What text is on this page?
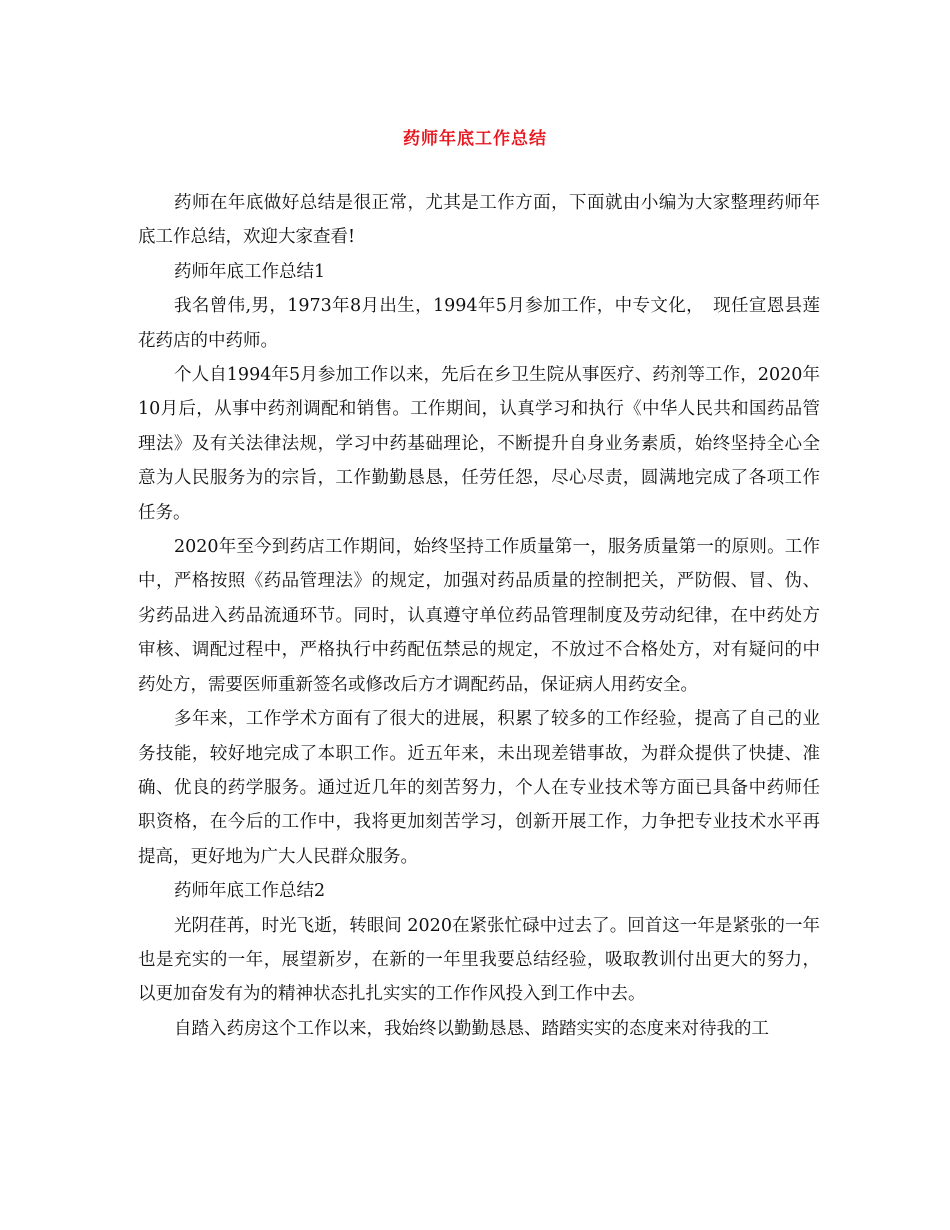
药师年底工作总结

药师在年底做好总结是很正常，尤其是工作方面，下面就由小编为大家整理药师年底工作总结，欢迎大家查看!

药师年底工作总结1

我名曾伟,男，1973年8月出生，1994年5月参加工作，中专文化，　现任宣恩县莲花药店的中药师。

个人自1994年5月参加工作以来，先后在乡卫生院从事医疗、药剂等工作，2020年10月后，从事中药剂调配和销售。工作期间，认真学习和执行《中华人民共和国药品管理法》及有关法律法规，学习中药基础理论，不断提升自身业务素质，始终坚持全心全意为人民服务为的宗旨，工作勤勤恳恳，任劳任怨，尽心尽责，圆满地完成了各项工作任务。

2020年至今到药店工作期间，始终坚持工作质量第一，服务质量第一的原则。工作中，严格按照《药品管理法》的规定，加强对药品质量的控制把关，严防假、冒、伪、劣药品进入药品流通环节。同时，认真遵守单位药品管理制度及劳动纪律，在中药处方审核、调配过程中，严格执行中药配伍禁忌的规定，不放过不合格处方，对有疑问的中药处方，需要医师重新签名或修改后方才调配药品，保证病人用药安全。

多年来，工作学术方面有了很大的进展，积累了较多的工作经验，提高了自己的业务技能，较好地完成了本职工作。近五年来，未出现差错事故，为群众提供了快捷、准确、优良的药学服务。通过近几年的刻苦努力，个人在专业技术等方面已具备中药师任职资格，在今后的工作中，我将更加刻苦学习，创新开展工作，力争把专业技术水平再提高，更好地为广大人民群众服务。

药师年底工作总结2

光阴荏苒，时光飞逝，转眼间 2020在紧张忙碌中过去了。回首这一年是紧张的一年也是充实的一年，展望新岁，在新的一年里我要总结经验，吸取教训付出更大的努力，以更加奋发有为的精神状态扎扎实实的工作作风投入到工作中去。

自踏入药房这个工作以来，我始终以勤勤恳恳、踏踏实实的态度来对待我的工
